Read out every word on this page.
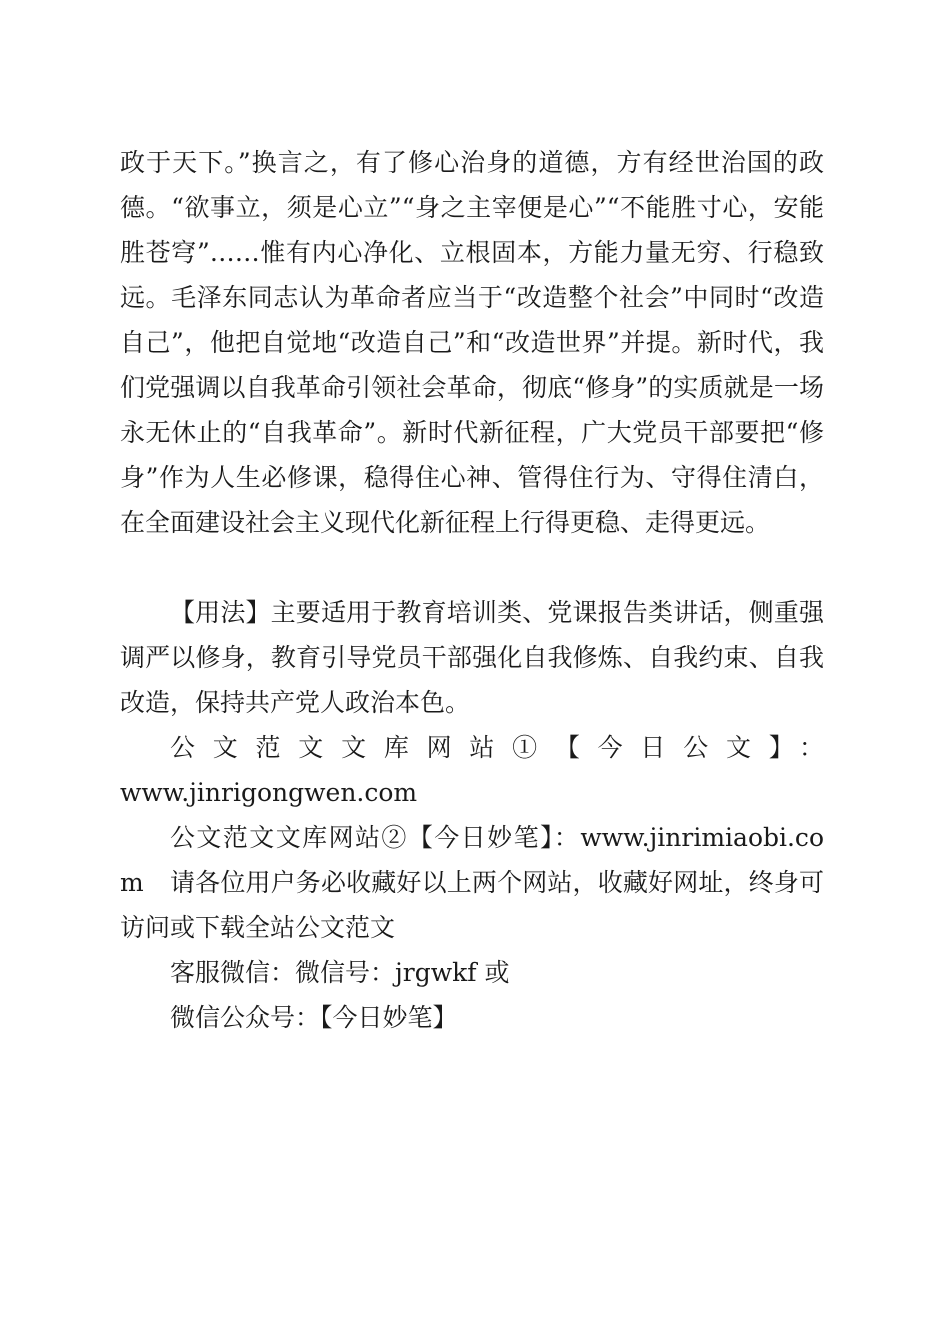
政于天下。”换言之，有了修心治身的道德，方有经世治国的政德。“欲事立，须是心立”“身之主宰便是心”“不能胜寸心，安能胜苍穹”……惟有内心净化、立根固本，方能力量无穷、行稳致远。毛泽东同志认为革命者应当于“改造整个社会”中同时“改造自己”，他把自觉地“改造自己”和“改造世界”并提。新时代，我们党强调以自我革命引领社会革命，彻底“修身”的实质就是一场永无休止的“自我革命”。新时代新征程，广大党员干部要把“修身”作为人生必修课，稳得住心神、管得住行为、守得住清白，在全面建设社会主义现代化新征程上行得更稳、走得更远。

【用法】主要适用于教育培训类、党课报告类讲话，侧重强调严以修身，教育引导党员干部强化自我修炼、自我约束、自我改造，保持共产党人政治本色。

公文范文文库网站①【今日公文】：

www.jinrigongwen.com

公文范文文库网站②【今日妙笔】：www.jinrimiaobi.com	请各位用户务必收藏好以上两个网站，收藏好网址，终身可访问或下载全站公文范文

客服微信：微信号：jrgwkf 或

微信公众号：【今日妙笔】
